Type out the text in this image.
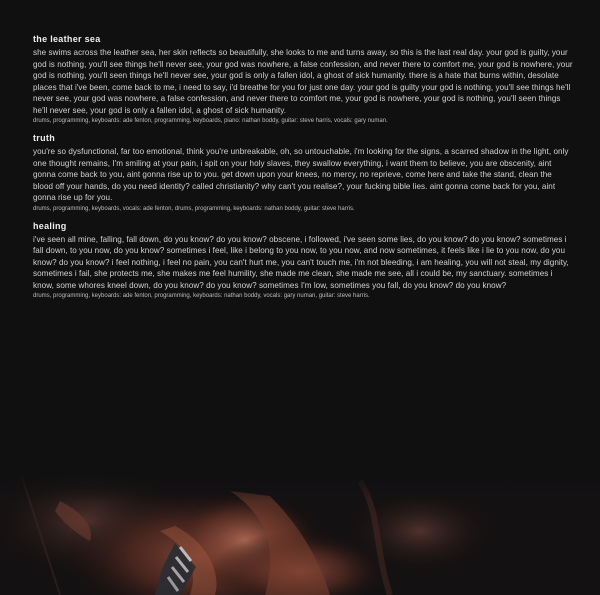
the leather sea

she swims across the leather sea, her skin reflects so beautifully, she looks to me and turns away, so this is the last real day. your god is guilty, your god is nothing, you'll see things he'll never see, your god was nowhere, a false confession, and never there to comfort me, your god is nowhere, your god is nothing, you'll seen things he'll never see, your god is only a fallen idol, a ghost of sick humanity. there is a hate that burns within, desolate places that i've been, come back to me, i need to say, i'd breathe for you for just one day. your god is guilty your god is nothing, you'll see things he'll never see, your god was nowhere, a false confession, and never there to comfort me, your god is nowhere, your god is nothing, you'll seen things he'll never see, your god is only a fallen idol, a ghost of sick humanity.

drums, programming, keyboards: ade fenton, programming, keyboards, piano: nathan boddy, guitar: steve harris, vocals: gary numan.

truth

you're so dysfunctional, far too emotional, think you're unbreakable, oh, so untouchable, i'm looking for the signs, a scarred shadow in the light, only one thought remains, I'm smiling at your pain, i spit on your holy slaves, they swallow everything, i want them to believe, you are obscenity, aint gonna come back to you, aint gonna rise up to you. get down upon your knees, no mercy, no reprieve, come here and take the stand, clean the blood off your hands, do you need identity? called christianity? why can't you realise?, your fucking bible lies. aint gonna come back for you, aint gonna rise up for you.

drums, programming, keyboards, vocals: ade fenton, drums, programming, keyboards: nathan boddy, guitar: steve harris.

healing

i've seen all mine, falling, fall down, do you know? do you know? obscene, i followed, i've seen some lies, do you know? do you know? sometimes i fall down, to you now, do you know? sometimes i feel, like i belong to you now, to you now, and now sometimes, it feels like i lie to you now, do you know? do you know? i feel nothing, i feel no pain, you can't hurt me, you can't touch me, i'm not bleeding, i am healing, you will not steal, my dignity, sometimes i fail, she protects me, she makes me feel humility, she made me clean, she made me see, all i could be, my sanctuary. sometimes i know, some whores kneel down, do you know? do you know? sometimes I'm low, sometimes you fall, do you know? do you know?

drums, programming, keyboards: ade fenton, programming, keyboards: nathan boddy, vocals: gary numan, guitar: steve harris.
